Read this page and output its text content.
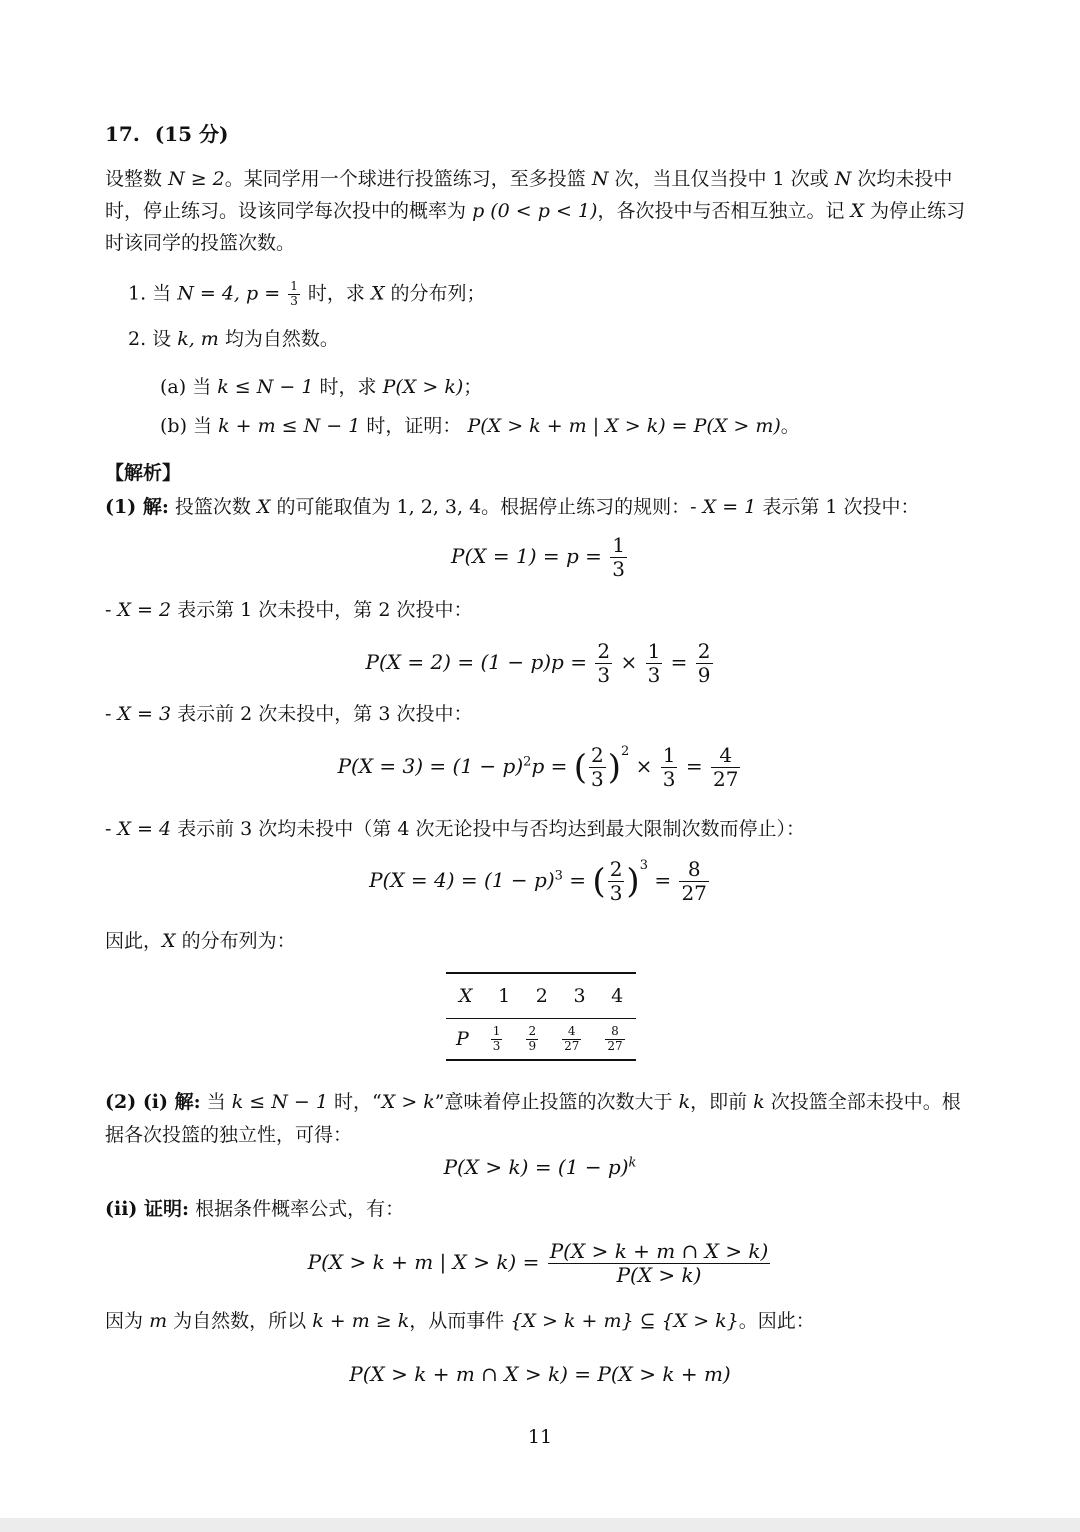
17. (15 分)
设整数 N ≥ 2。某同学用一个球进行投篮练习，至多投篮 N 次，当且仅当投中 1 次或 N 次均未投中
时，停止练习。设该同学每次投中的概率为 p (0 < p < 1)，各次投中与否相互独立。记 X 为停止练习
时该同学的投篮次数。
1. 当 N = 4, $p = \frac{1}{3}$ 时，求 X 的分布列；
2. 设 k, m 均为自然数。
(a) 当 k ≤ N − 1 时，求 P(X > k)；
(b) 当 k + m ≤ N − 1 时，证明： P(X > k + m | X > k) = P(X > m)。
【解析】
(1) 解: 投篮次数 X 的可能取值为 1, 2, 3, 4。根据停止练习的规则：- X = 1 表示第 1 次投中：
$P(X = 1) = p = \frac{1}{3}$
- X = 2 表示第 1 次未投中，第 2 次投中：
$P(X = 2) = (1 - p)p = \frac{2}{3} \times \frac{1}{3} = \frac{2}{9}$
- X = 3 表示前 2 次未投中，第 3 次投中：
$P(X = 3) = (1 - p)^2p$ = ( $\frac{2}{3} )^2 \times \frac{1}{3} = \frac{4}{27}$
- X = 4 表示前 3 次均未投中（第 4 次无论投中与否均达到最大限制次数而停止）：
$P(X = 4) = (1 - p)^3$ = ( $\frac{2}{3} )^3 = \frac{8}{27}$
因此，X 的分布列为：
X	1	2	3	4
P	$\frac{1}{3}$	$\frac{2}{9}$	$\frac{4}{27}$	$\frac{8}{27}$
(2) (i) 解: 当 k ≤ N − 1 时，“X > k”意味着停止投篮的次数大于 k，即前 k 次投篮全部未投中。根
据各次投篮的独立性，可得：
$P(X > k) = (1 - p)^k$
(ii) 证明: 根据条件概率公式，有：
P(X > k + m | $X > k) = \frac{P(X > k + m \cap X > k)}{P(X > k)}$
因为 m 为自然数，所以 k + m ≥ k，从而事件 {X > k + m} ⊆ {X > k}。因此：
P(X > k + m ∩ X > k) = P(X > k + m)
11
